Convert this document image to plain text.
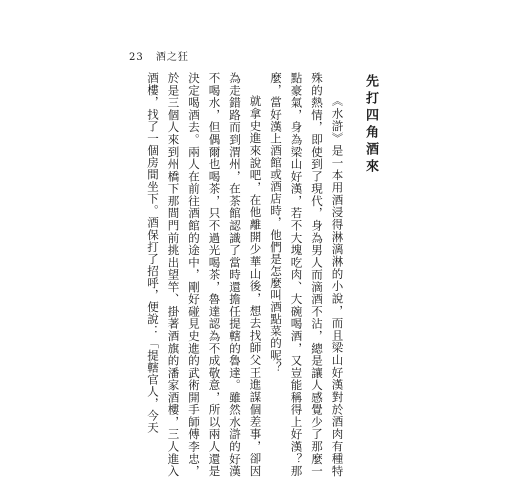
23 酒之狂
先打四角酒來

《水滸》是一本用酒浸得淋漓淋的小說，而且梁山好漢對於酒肉有種特殊的熱情，即使到了現代，身為男人而滴酒不沾，總是讓人感覺少了那麼一點豪氣，身為梁山好漢，若不大塊吃肉、大碗喝酒，又豈能稱得上好漢？那麼，當好漢上酒館或酒店時，他們是怎麼叫酒點菜的呢？

就拿史進來說吧，在他離開少華山後，想去找師父王進謀個差事，卻因為走錯路而到渭州，在茶館認識了當時還擔任提轄的魯達。雖然水滸的好漢不喝水，但偶爾也喝茶，只不過光喝茶，魯達認為不成敬意，所以兩人還是決定喝酒去。兩人在前往酒館的途中，剛好碰見史進的武術開手師傅李忠，於是三個人來到州橋下那間門前挑出望竿、掛著酒旗的潘家酒樓，三人進入酒樓，找了一個房間坐下。酒保打了招呼，便說：「提轄官人，今天
